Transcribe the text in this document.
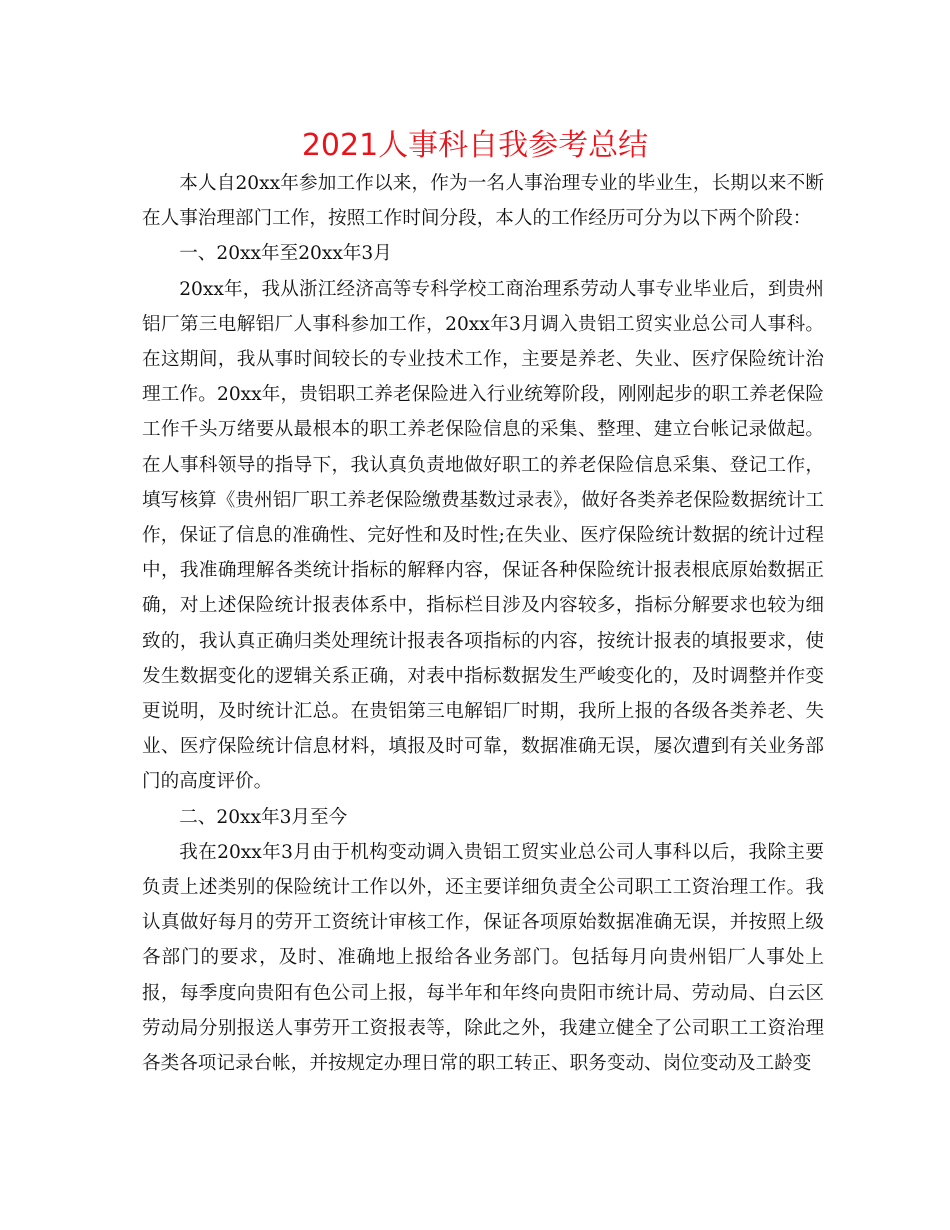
2021人事科自我参考总结

本人自20xx年参加工作以来，作为一名人事治理专业的毕业生，长期以来不断在人事治理部门工作，按照工作时间分段，本人的工作经历可分为以下两个阶段：

一、20xx年至20xx年3月

20xx年，我从浙江经济高等专科学校工商治理系劳动人事专业毕业后，到贵州铝厂第三电解铝厂人事科参加工作，20xx年3月调入贵铝工贸实业总公司人事科。在这期间，我从事时间较长的专业技术工作，主要是养老、失业、医疗保险统计治理工作。20xx年，贵铝职工养老保险进入行业统筹阶段，刚刚起步的职工养老保险工作千头万绪要从最根本的职工养老保险信息的采集、整理、建立台帐记录做起。在人事科领导的指导下，我认真负责地做好职工的养老保险信息采集、登记工作，填写核算《贵州铝厂职工养老保险缴费基数过录表》，做好各类养老保险数据统计工作，保证了信息的准确性、完好性和及时性;在失业、医疗保险统计数据的统计过程中，我准确理解各类统计指标的解释内容，保证各种保险统计报表根底原始数据正确，对上述保险统计报表体系中，指标栏目涉及内容较多，指标分解要求也较为细致的，我认真正确归类处理统计报表各项指标的内容，按统计报表的填报要求，使发生数据变化的逻辑关系正确，对表中指标数据发生严峻变化的，及时调整并作变更说明，及时统计汇总。在贵铝第三电解铝厂时期，我所上报的各级各类养老、失业、医疗保险统计信息材料，填报及时可靠，数据准确无误，屡次遭到有关业务部门的高度评价。

二、20xx年3月至今

我在20xx年3月由于机构变动调入贵铝工贸实业总公司人事科以后，我除主要负责上述类别的保险统计工作以外，还主要详细负责全公司职工工资治理工作。我认真做好每月的劳开工资统计审核工作，保证各项原始数据准确无误，并按照上级各部门的要求，及时、准确地上报给各业务部门。包括每月向贵州铝厂人事处上报，每季度向贵阳有色公司上报，每半年和年终向贵阳市统计局、劳动局、白云区劳动局分别报送人事劳开工资报表等，除此之外，我建立健全了公司职工工资治理各类各项记录台帐，并按规定办理日常的职工转正、职务变动、岗位变动及工龄变
